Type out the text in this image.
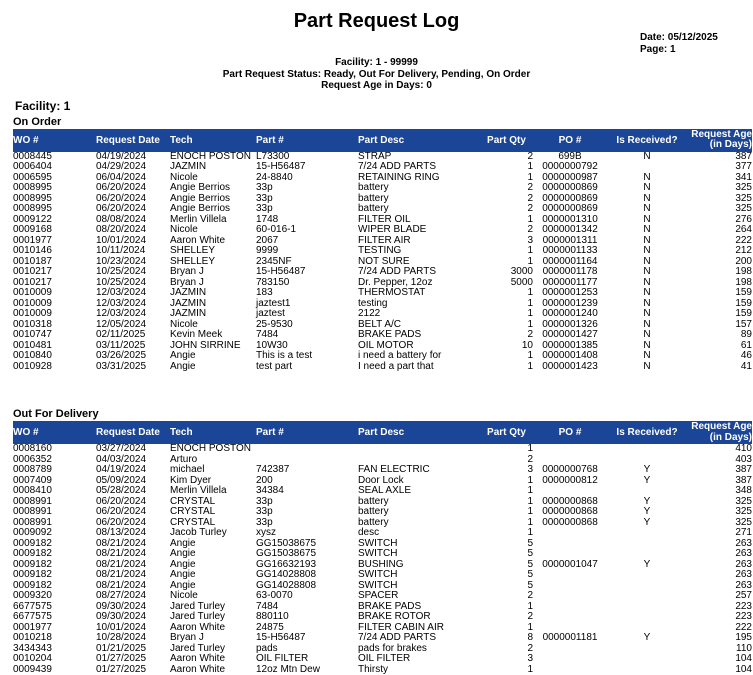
Part Request Log
Date: 05/12/2025
Page: 1
Facility: 1 - 99999
Part Request Status: Ready, Out For Delivery, Pending, On Order
Request Age in Days: 0
Facility: 1
On Order
WO #	Request Date	Tech	Part #	Part Desc	Part Qty	PO #	Is Received?	Request Age (in Days)
0008445	04/19/2024	ENOCH POSTON	L73300	STRAP	2	699B	N	387
0006404	04/29/2024	JAZMIN	15-H56487	7/24 ADD PARTS	1	0000000792		377
0006595	06/04/2024	Nicole	24-8840	RETAINING RING	1	0000000987	N	341
0008995	06/20/2024	Angie Berrios	33p	battery	2	0000000869	N	325
0008995	06/20/2024	Angie Berrios	33p	battery	2	0000000869	N	325
0008995	06/20/2024	Angie Berrios	33p	battery	2	0000000869	N	325
0009122	08/08/2024	Merlin Villela	1748	FILTER OIL	1	0000001310	N	276
0009168	08/20/2024	Nicole	60-016-1	WIPER BLADE	2	0000001342	N	264
0001977	10/01/2024	Aaron White	2067	FILTER AIR	3	0000001311	N	222
0010146	10/11/2024	SHELLEY	9999	TESTING	1	0000001133	N	212
0010187	10/23/2024	SHELLEY	2345NF	NOT SURE	1	0000001164	N	200
0010217	10/25/2024	Bryan J	15-H56487	7/24 ADD PARTS	3000	0000001178	N	198
0010217	10/25/2024	Bryan J	783150	Dr. Pepper, 12oz	5000	0000001177	N	198
0010009	12/03/2024	JAZMIN	183	THERMOSTAT	1	0000001253	N	159
0010009	12/03/2024	JAZMIN	jaztest1	testing	1	0000001239	N	159
0010009	12/03/2024	JAZMIN	jaztest	2122	1	0000001240	N	159
0010318	12/05/2024	Nicole	25-9530	BELT A/C	1	0000001326	N	157
0010747	02/11/2025	Kevin Meek	7484	BRAKE PADS	2	0000001427	N	89
0010481	03/11/2025	JOHN SIRRINE	10W30	OIL MOTOR	10	0000001385	N	61
0010840	03/26/2025	Angie	This is a test	i need a battery for	1	0000001408	N	46
0010928	03/31/2025	Angie	test part	I need a part that	1	0000001423	N	41
Out For Delivery
WO #	Request Date	Tech	Part #	Part Desc	Part Qty	PO #	Is Received?	Request Age (in Days)
0008160	03/27/2024	ENOCH POSTON			1			410
0006352	04/03/2024	Arturo			2			403
0008789	04/19/2024	michael	742387	FAN ELECTRIC	3	0000000768	Y	387
0007409	05/09/2024	Kim Dyer	200	Door Lock	1	0000000812	Y	387
0008410	05/28/2024	Merlin Villela	34384	SEAL AXLE	1			348
0008991	06/20/2024	CRYSTAL	33p	battery	1	0000000868	Y	325
0008991	06/20/2024	CRYSTAL	33p	battery	1	0000000868	Y	325
0008991	06/20/2024	CRYSTAL	33p	battery	1	0000000868	Y	325
0009092	08/13/2024	Jacob Turley	xysz	desc	1			271
0009182	08/21/2024	Angie	GG15038675	SWITCH	5			263
0009182	08/21/2024	Angie	GG15038675	SWITCH	5			263
0009182	08/21/2024	Angie	GG16632193	BUSHING	5	0000001047	Y	263
0009182	08/21/2024	Angie	GG14028808	SWITCH	5			263
0009182	08/21/2024	Angie	GG14028808	SWITCH	5			263
0009320	08/27/2024	Nicole	63-0070	SPACER	2			257
6677575	09/30/2024	Jared Turley	7484	BRAKE PADS	1			223
6677575	09/30/2024	Jared Turley	880110	BRAKE ROTOR	2			223
0001977	10/01/2024	Aaron White	24875	FILTER CABIN AIR	1			222
0010218	10/28/2024	Bryan J	15-H56487	7/24 ADD PARTS	8	0000001181	Y	195
3434343	01/21/2025	Jared Turley	pads	pads for brakes	2			110
0010204	01/27/2025	Aaron White	OIL FILTER	OIL FILTER	3			104
0009439	01/27/2025	Aaron White	12oz Mtn Dew	Thirsty	1			104
